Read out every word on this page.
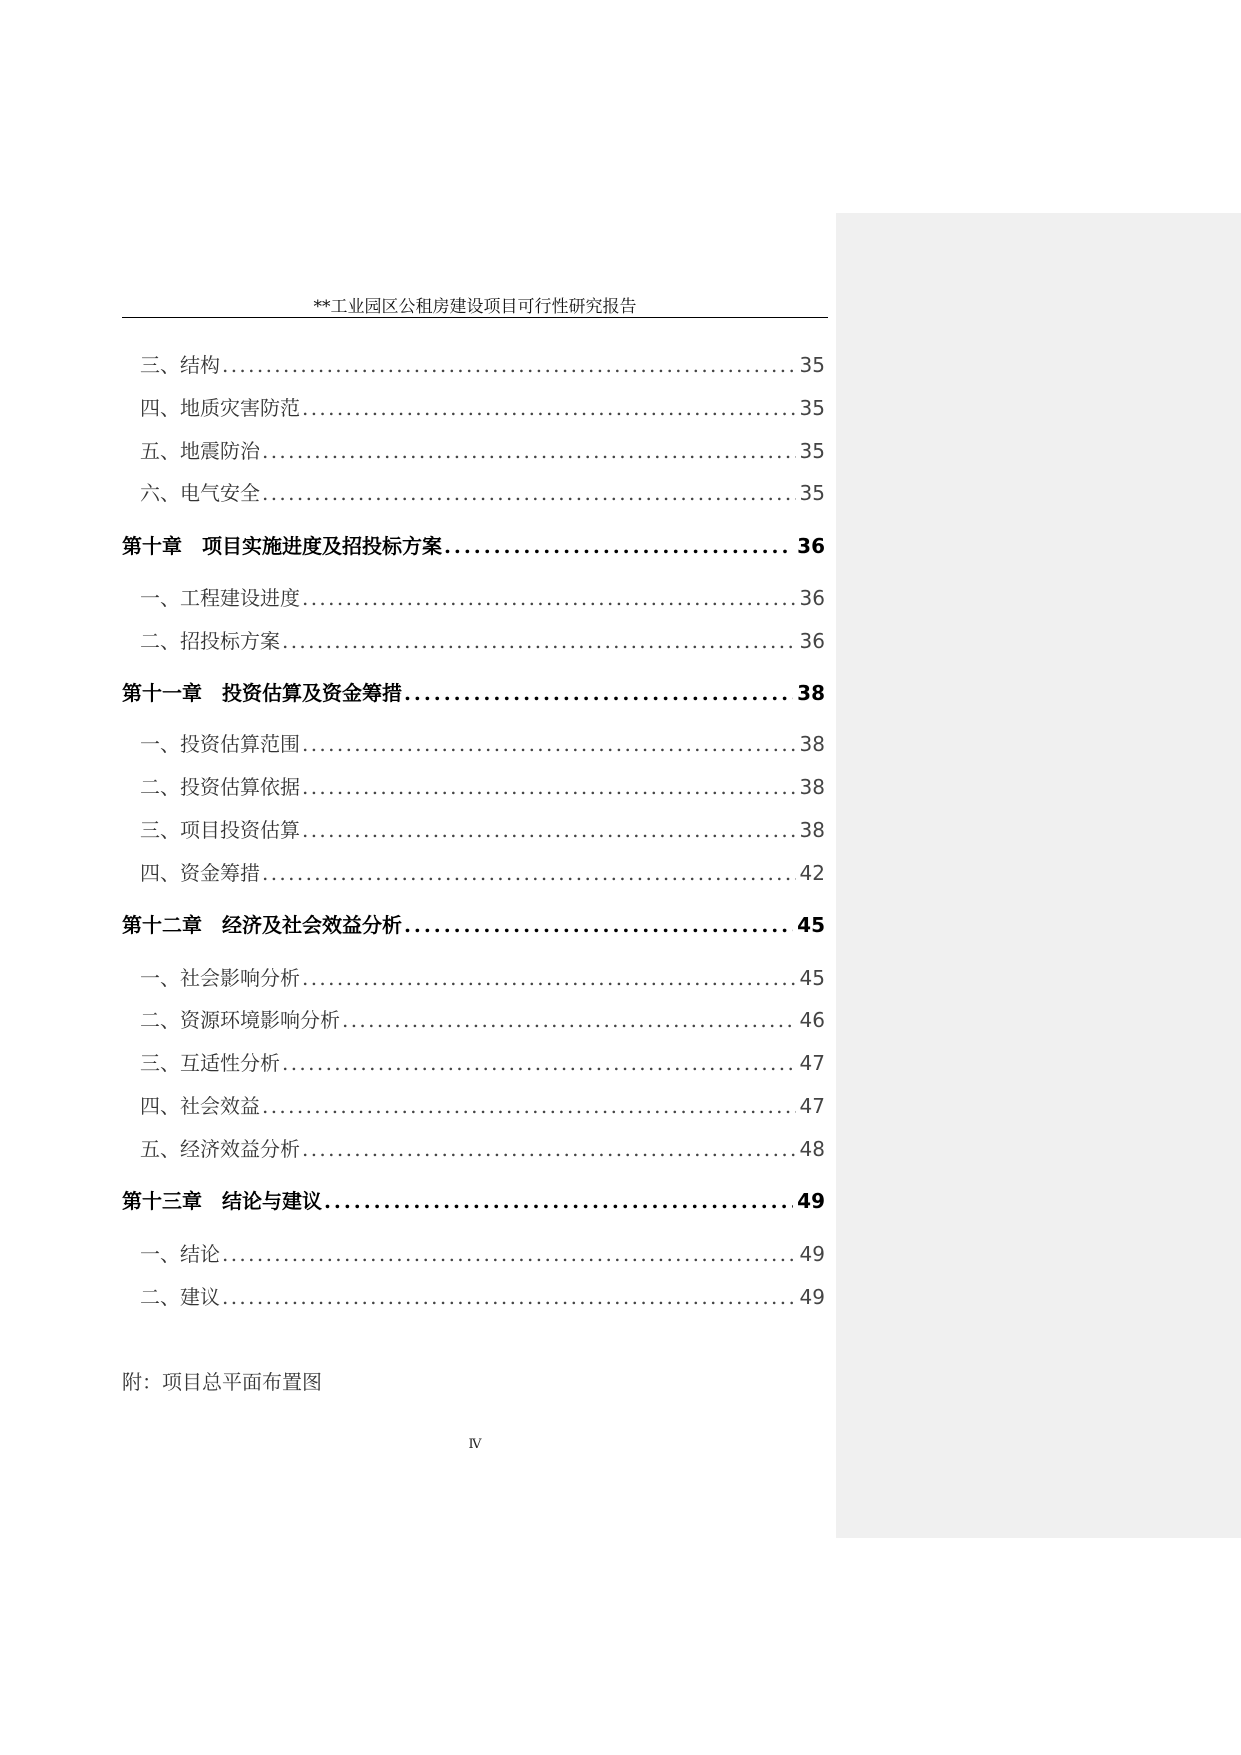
**工业园区公租房建设项目可行性研究报告
三、结构 . . .	35
四、地质灾害防范 . . .	35
五、地震防治 . . .	35
六、电气安全 . . .	35
第十章　项目实施进度及招投标方案 . . .	36
一、工程建设进度 . . .	36
二、招投标方案 . . .	36
第十一章　投资估算及资金筹措 . . .	38
一、投资估算范围 . . .	38
二、投资估算依据 . . .	38
三、项目投资估算 . . .	38
四、资金筹措 . . .	42
第十二章　经济及社会效益分析 . . .	45
一、社会影响分析 . . .	45
二、资源环境影响分析 . . .	46
三、互适性分析 . . .	47
四、社会效益 . . .	47
五、经济效益分析 . . .	48
第十三章　结论与建议 . . .	49
一、结论 . . .	49
二、建议 . . .	49
附：项目总平面布置图
Ⅳ
